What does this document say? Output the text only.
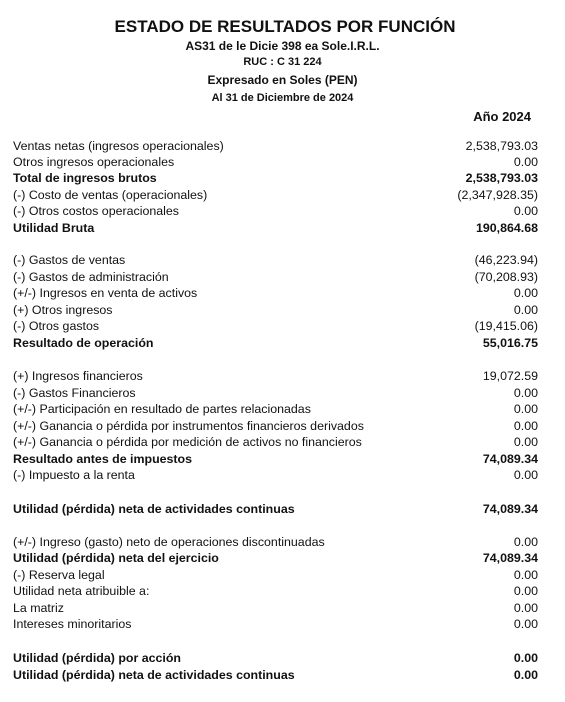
ESTADO DE RESULTADOS POR FUNCIÓN
AS31 de le Dicie 398 ea Sole.I.R.L.
RUC : C 31 224
Expresado en Soles (PEN)
Al 31 de Diciembre de 2024
Año 2024
Ventas netas (ingresos operacionales)	2,538,793.03
Otros ingresos operacionales	0.00
Total de ingresos brutos	2,538,793.03
(-) Costo de ventas (operacionales)	(2,347,928.35)
(-) Otros costos operacionales	0.00
Utilidad Bruta	190,864.68
(-) Gastos de ventas	(46,223.94)
(-) Gastos de administración	(70,208.93)
(+/-) Ingresos en venta de activos	0.00
(+) Otros ingresos	0.00
(-) Otros gastos	(19,415.06)
Resultado de operación	55,016.75
(+) Ingresos financieros	19,072.59
(-) Gastos Financieros	0.00
(+/-) Participación en resultado de partes relacionadas	0.00
(+/-) Ganancia o pérdida por instrumentos financieros derivados	0.00
(+/-) Ganancia o pérdida por medición de activos no financieros	0.00
Resultado antes de impuestos	74,089.34
(-) Impuesto a la renta	0.00
Utilidad (pérdida) neta de actividades continuas	74,089.34
(+/-) Ingreso (gasto) neto de operaciones discontinuadas	0.00
Utilidad (pérdida) neta del ejercicio	74,089.34
(-) Reserva legal	0.00
Utilidad neta atribuible a:	0.00
La matriz	0.00
Intereses minoritarios	0.00
Utilidad (pérdida) por acción	0.00
Utilidad (pérdida) neta de actividades continuas	0.00
